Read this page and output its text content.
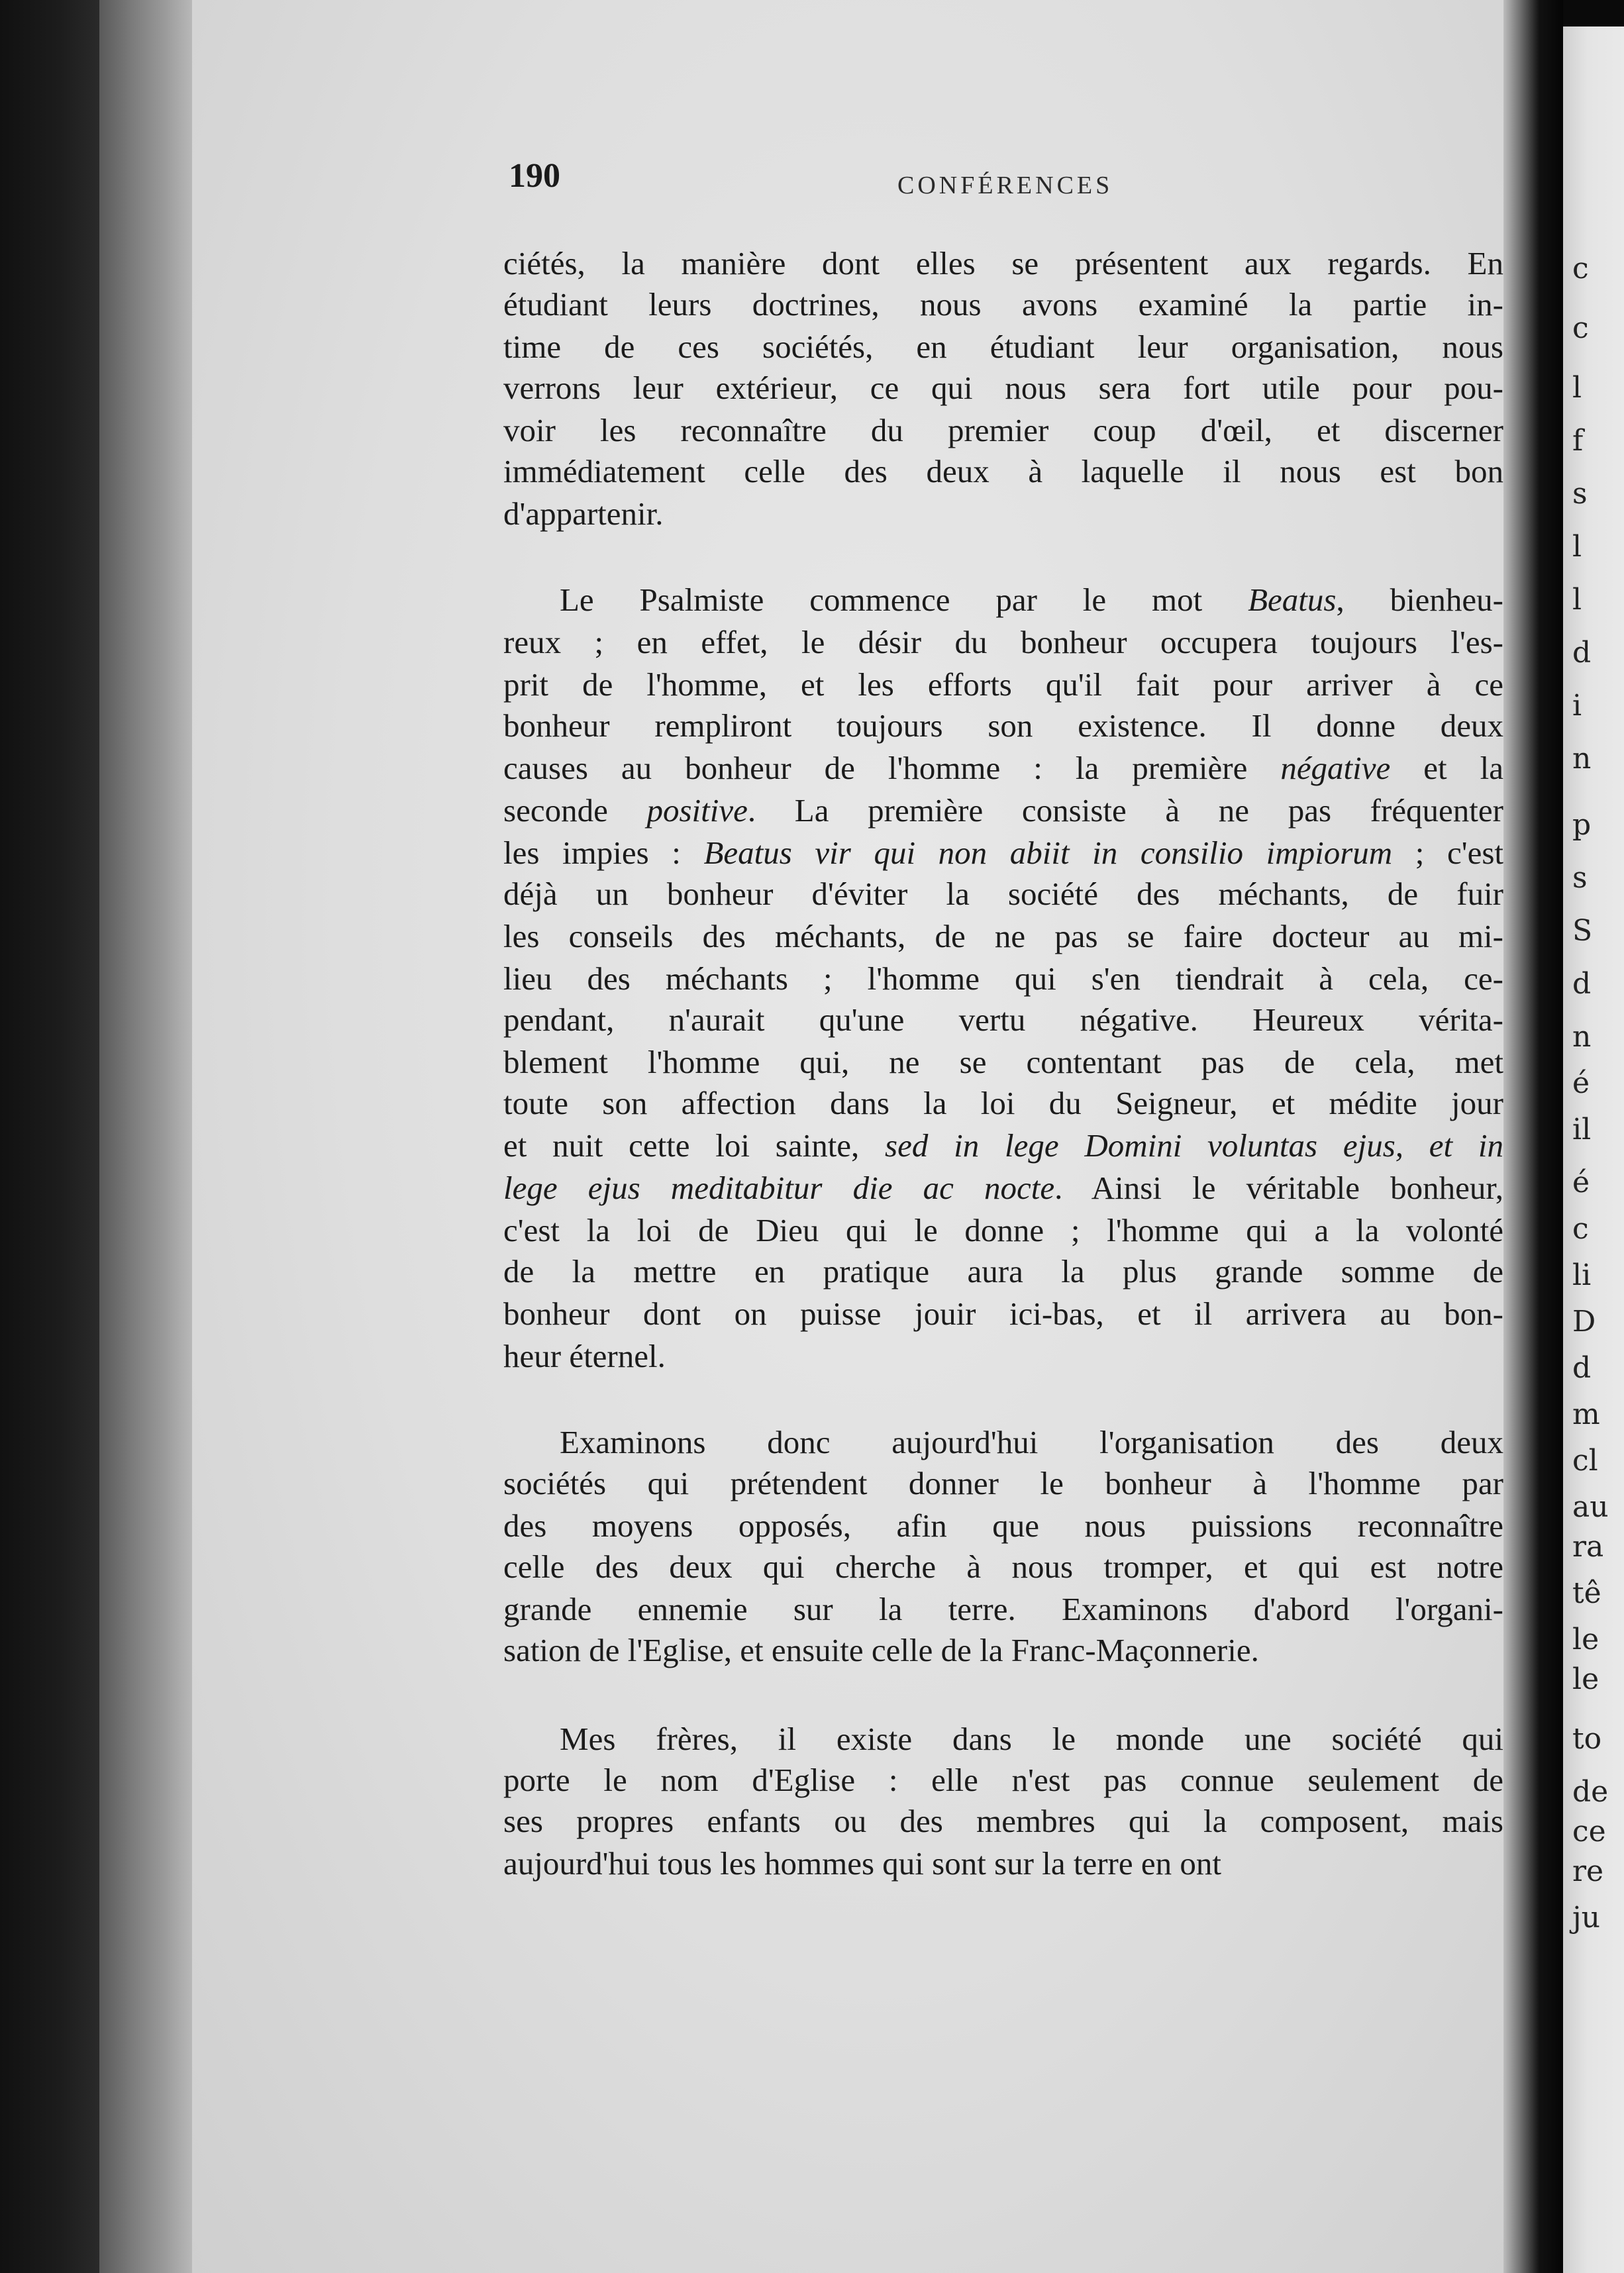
c
c
l
f
s
l
l
d
i
n
p
s
S
d
n
é
il
é
c
li
D
d
m
cl
au
ra
tê
le
le
to
de
ce
re
ju
190	CONFÉRENCES
ciétés, la manière dont elles se présentent aux regards. En
étudiant leurs doctrines, nous avons examiné la partie in-
time de ces sociétés, en étudiant leur organisation, nous
verrons leur extérieur, ce qui nous sera fort utile pour pou-
voir les reconnaître du premier coup d'œil, et discerner
immédiatement celle des deux à laquelle il nous est bon
d'appartenir.
Le Psalmiste commence par le mot Beatus, bienheu-
reux ; en effet, le désir du bonheur occupera toujours l'es-
prit de l'homme, et les efforts qu'il fait pour arriver à ce
bonheur rempliront toujours son existence. Il donne deux
causes au bonheur de l'homme : la première négative et la
seconde positive. La première consiste à ne pas fréquenter
les impies : Beatus vir qui non abiit in consilio impiorum ; c'est
déjà un bonheur d'éviter la société des méchants, de fuir
les conseils des méchants, de ne pas se faire docteur au mi-
lieu des méchants ; l'homme qui s'en tiendrait à cela, ce-
pendant, n'aurait qu'une vertu négative. Heureux vérita-
blement l'homme qui, ne se contentant pas de cela, met
toute son affection dans la loi du Seigneur, et médite jour
et nuit cette loi sainte, sed in lege Domini voluntas ejus, et in
lege ejus meditabitur die ac nocte. Ainsi le véritable bonheur,
c'est la loi de Dieu qui le donne ; l'homme qui a la volonté
de la mettre en pratique aura la plus grande somme de
bonheur dont on puisse jouir ici-bas, et il arrivera au bon-
heur éternel.
Examinons donc aujourd'hui l'organisation des deux
sociétés qui prétendent donner le bonheur à l'homme par
des moyens opposés, afin que nous puissions reconnaître
celle des deux qui cherche à nous tromper, et qui est notre
grande ennemie sur la terre. Examinons d'abord l'organi-
sation de l'Eglise, et ensuite celle de la Franc-Maçonnerie.
Mes frères, il existe dans le monde une société qui
porte le nom d'Eglise : elle n'est pas connue seulement de
ses propres enfants ou des membres qui la composent, mais
aujourd'hui tous les hommes qui sont sur la terre en ont
